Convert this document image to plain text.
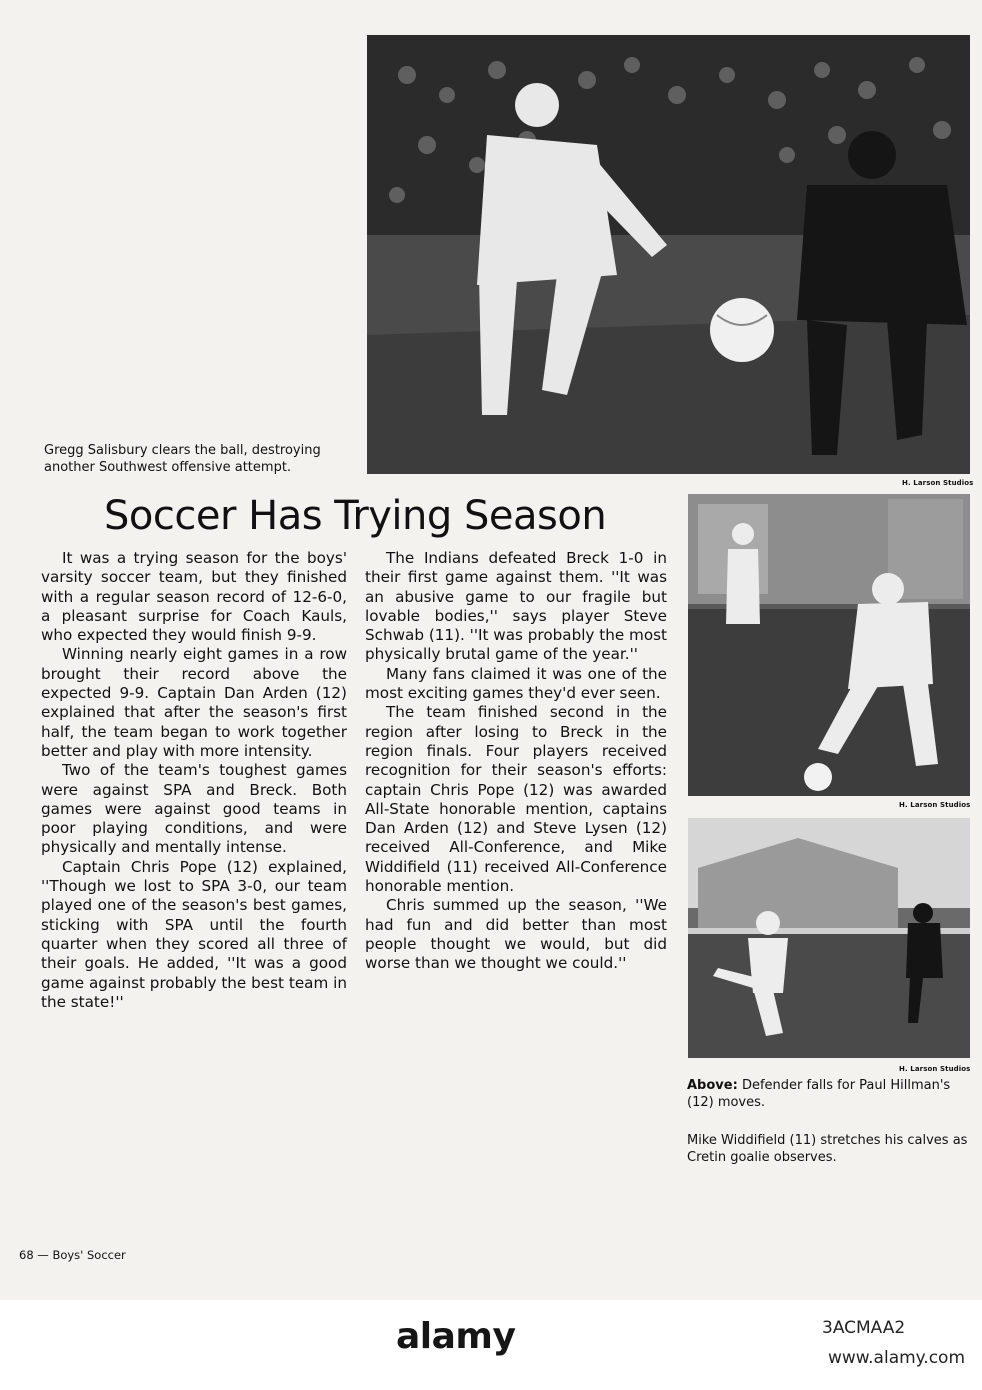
H. Larson Studios
Gregg Salisbury clears the ball, destroying another Southwest offensive attempt.
Soccer Has Trying Season

It was a trying season for the boys' varsity soccer team, but they finished with a regular season record of 12-6-0, a pleasant surprise for Coach Kauls, who expected they would finish 9-9.

Winning nearly eight games in a row brought their record above the expected 9-9. Captain Dan Arden (12) explained that after the season's first half, the team began to work together better and play with more intensity.

Two of the team's toughest games were against SPA and Breck. Both games were against good teams in poor playing conditions, and were physically and mentally intense.

Captain Chris Pope (12) explained, ''Though we lost to SPA 3-0, our team played one of the season's best games, sticking with SPA until the fourth quarter when they scored all three of their goals. He added, ''It was a good game against probably the best team in the state!''

The Indians defeated Breck 1-0 in their first game against them. ''It was an abusive game to our fragile but lovable bodies,'' says player Steve Schwab (11). ''It was probably the most physically brutal game of the year.''

Many fans claimed it was one of the most exciting games they'd ever seen.

The team finished second in the region after losing to Breck in the region finals. Four players received recognition for their season's efforts: captain Chris Pope (12) was awarded All-State honorable mention, captains Dan Arden (12) and Steve Lysen (12) received All-Conference, and Mike Widdifield (11) received All-Conference honorable mention.

Chris summed up the season, ''We had fun and did better than most people thought we would, but did worse than we thought we could.''

H. Larson Studios
H. Larson Studios
Above: Defender falls for Paul Hillman's (12) moves.
Mike Widdifield (11) stretches his calves as Cretin goalie observes.
68 — Boys' Soccer
alamy	3ACMAA2
www.alamy.com
